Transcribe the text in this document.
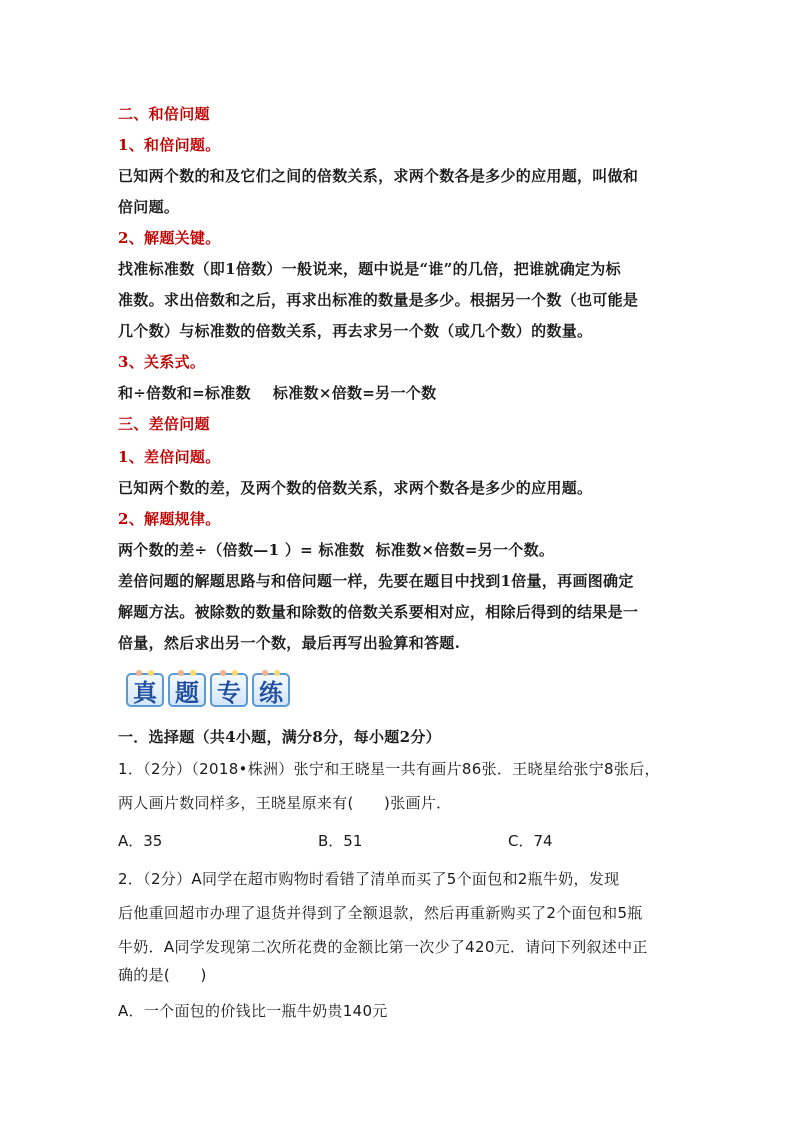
二、和倍问题
1、和倍问题。
已知两个数的和及它们之间的倍数关系，求两个数各是多少的应用题，叫做和
倍问题。
2、解题关键。
找准标准数（即1倍数）一般说来，题中说是“谁”的几倍，把谁就确定为标
准数。求出倍数和之后，再求出标准的数量是多少。根据另一个数（也可能是
几个数）与标准数的倍数关系，再去求另一个数（或几个数）的数量。
3、关系式。
和÷倍数和=标准数    标准数×倍数=另一个数
三、差倍问题
1、差倍问题。
已知两个数的差，及两个数的倍数关系，求两个数各是多少的应用题。
2、解题规律。
两个数的差÷（倍数—1 ）= 标准数  标准数×倍数=另一个数。
差倍问题的解题思路与和倍问题一样，先要在题目中找到1倍量，再画图确定
解题方法。被除数的数量和除数的倍数关系要相对应，相除后得到的结果是一
倍量，然后求出另一个数，最后再写出验算和答题.
一．选择题（共4小题，满分8分，每小题2分）
1．（2分）（2018•株洲）张宁和王晓星一共有画片86张．王晓星给张宁8张后，
两人画片数同样多，王晓星原来有(      )张画片．
A．35	B．51	C．74
2．（2分）A同学在超市购物时看错了清单而买了5个面包和2瓶牛奶，发现
后他重回超市办理了退货并得到了全额退款，然后再重新购买了2个面包和5瓶
牛奶．A同学发现第二次所花费的金额比第一次少了420元．请问下列叙述中正
确的是(      )
A．一个面包的价钱比一瓶牛奶贵140元
真 题 专 练
